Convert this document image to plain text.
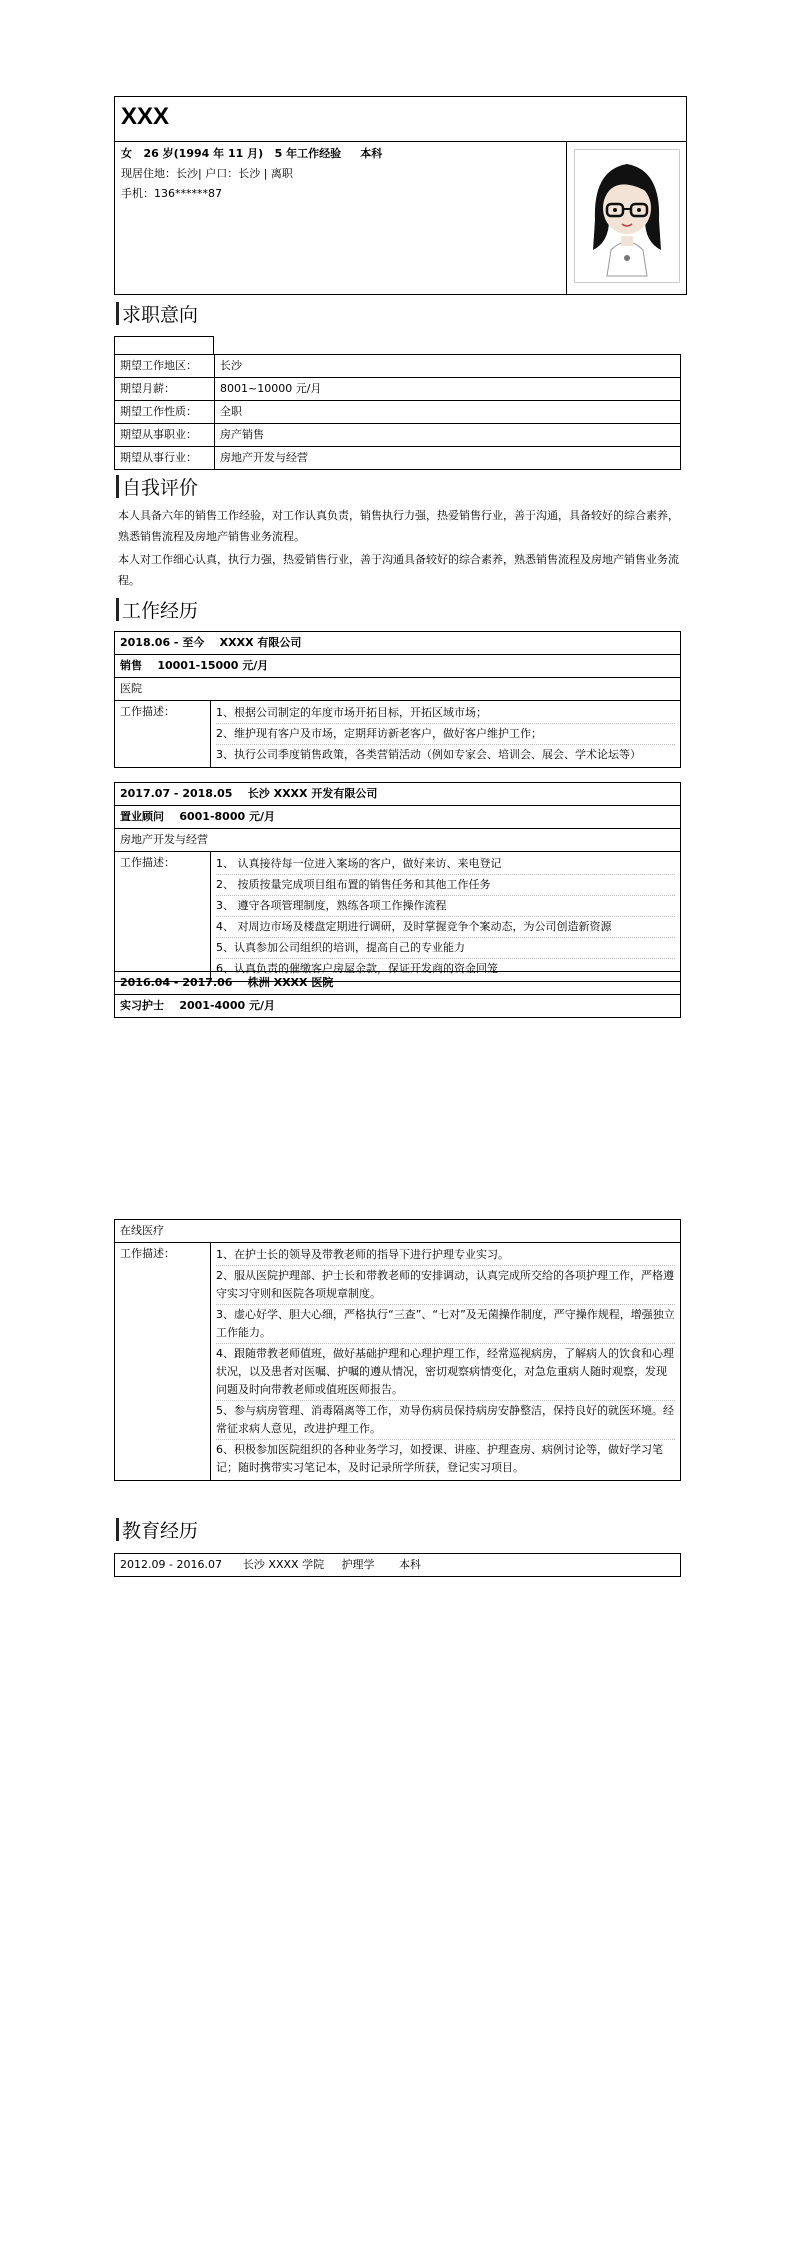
XXX
女 26 岁(1994 年 11 月) 5 年工作经验 本科
现居住地：长沙| 户口：长沙 | 离职
手机：136******87
求职意向
期望工作地区：	长沙
期望月薪：	8001~10000 元/月
期望工作性质：	全职
期望从事职业：	房产销售
期望从事行业：	房地产开发与经营
自我评价
本人具备六年的销售工作经验，对工作认真负责，销售执行力强，热爱销售行业，善于沟通，具备较好的综合素养，熟悉销售流程及房地产销售业务流程。
本人对工作细心认真，执行力强，热爱销售行业，善于沟通具备较好的综合素养，熟悉销售流程及房地产销售业务流程。
工作经历
2018.06 - 至今 XXXX 有限公司
销售 10001-15000 元/月
医院
工作描述：	1、根据公司制定的年度市场开拓目标，开拓区域市场；
2、维护现有客户及市场，定期拜访新老客户，做好客户维护工作；
3、执行公司季度销售政策，各类营销活动（例如专家会、培训会、展会、学术论坛等）
2017.07 - 2018.05 长沙 XXXX 开发有限公司
置业顾问 6001-8000 元/月
房地产开发与经营
工作描述：	1、 认真接待每一位进入案场的客户，做好来访、来电登记
2、 按质按量完成项目组布置的销售任务和其他工作任务
3、 遵守各项管理制度，熟练各项工作操作流程
4、 对周边市场及楼盘定期进行调研，及时掌握竞争个案动态，为公司创造新资源
5、认真参加公司组织的培训，提高自己的专业能力
6、认真负责的催缴客户房屋余款，保证开发商的资金回笼
2016.04 - 2017.06 株洲 XXXX 医院
实习护士 2001-4000 元/月
在线医疗
工作描述：	1、在护士长的领导及带教老师的指导下进行护理专业实习。
2、服从医院护理部、护士长和带教老师的安排调动，认真完成所交给的各项护理工作，严格遵守实习守则和医院各项规章制度。
3、虚心好学、胆大心细，严格执行“三查”、“七对”及无菌操作制度，严守操作规程，增强独立工作能力。
4、跟随带教老师值班，做好基础护理和心理护理工作，经常巡视病房，了解病人的饮食和心理状况，以及患者对医嘱、护嘱的遵从情况，密切观察病情变化，对急危重病人随时观察，发现问题及时向带教老师或值班医师报告。
5、参与病房管理、消毒隔离等工作，劝导伤病员保持病房安静整洁，保持良好的就医环境。经常征求病人意见，改进护理工作。
6、积极参加医院组织的各种业务学习，如授课、讲座、护理查房、病例讨论等，做好学习笔记；随时携带实习笔记本，及时记录所学所获，登记实习项目。
教育经历
2012.09 - 2016.07 长沙 XXXX 学院 护理学 本科
